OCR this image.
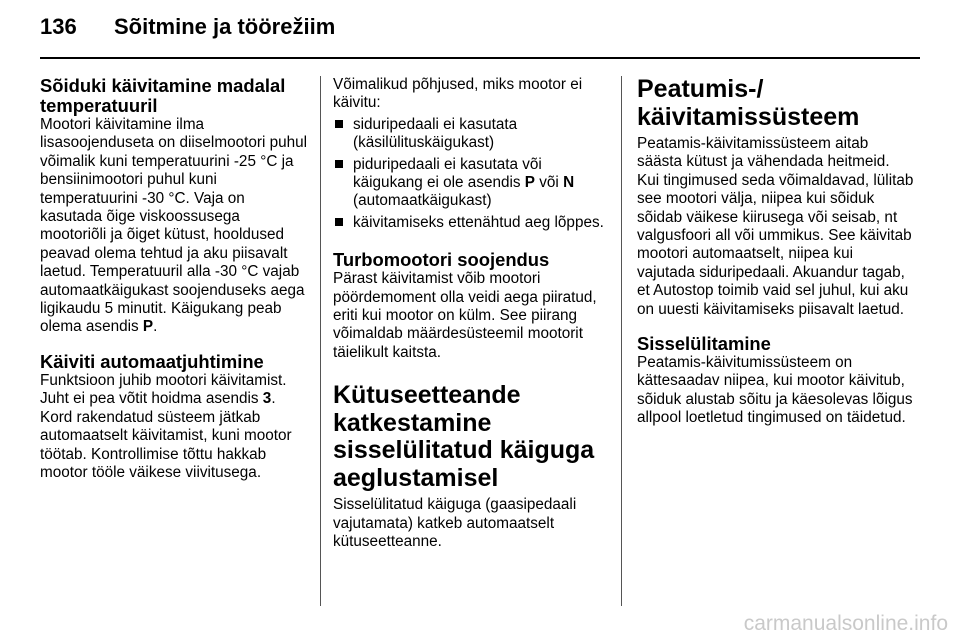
136 Sõitmine ja töörežiim
Sõiduki käivitamine madalal temperatuuril

Mootori käivitamine ilma lisasoojenduseta on diiselmootori puhul võimalik kuni temperatuurini -25 °C ja bensiinimootori puhul kuni temperatuurini -30 °C. Vaja on kasutada õige viskoossusega mootoriõli ja õiget kütust, hooldused peavad olema tehtud ja aku piisavalt laetud. Temperatuuril alla -30 °C vajab automaatkäigukast soojenduseks aega ligikaudu 5 minutit. Käigukang peab olema asendis P.

Käiviti automaatjuhtimine

Funktsioon juhib mootori käivitamist. Juht ei pea võtit hoidma asendis 3. Kord rakendatud süsteem jätkab automaatselt käivitamist, kuni mootor töötab. Kontrollimise tõttu hakkab mootor tööle väikese viivitusega.

Võimalikud põhjused, miks mootor ei käivitu:

siduripedaali ei kasutata (käsilülituskäigukast)
piduripedaali ei kasutata või käigukang ei ole asendis P või N (automaatkäigukast)
käivitamiseks ettenähtud aeg lõppes.
Turbomootori soojendus

Pärast käivitamist võib mootori pöördemoment olla veidi aega piiratud, eriti kui mootor on külm. See piirang võimaldab määrdesüsteemil mootorit täielikult kaitsta.

Kütuseetteande katkestamine sisselülitatud käiguga aeglustamisel

Sisselülitatud käiguga (gaasipedaali vajutamata) katkeb automaatselt kütuseetteanne.

Peatumis-/ käivitamissüsteem

Peatamis-käivitamissüsteem aitab säästa kütust ja vähendada heitmeid. Kui tingimused seda võimaldavad, lülitab see mootori välja, niipea kui sõiduk sõidab väikese kiirusega või seisab, nt valgusfoori all või ummikus. See käivitab mootori automaatselt, niipea kui vajutada siduripedaali. Akuandur tagab, et Autostop toimib vaid sel juhul, kui aku on uuesti käivitamiseks piisavalt laetud.

Sisselülitamine

Peatamis-käivitumissüsteem on kättesaadav niipea, kui mootor käivitub, sõiduk alustab sõitu ja käesolevas lõigus allpool loetletud tingimused on täidetud.

carmanualsonline.info
